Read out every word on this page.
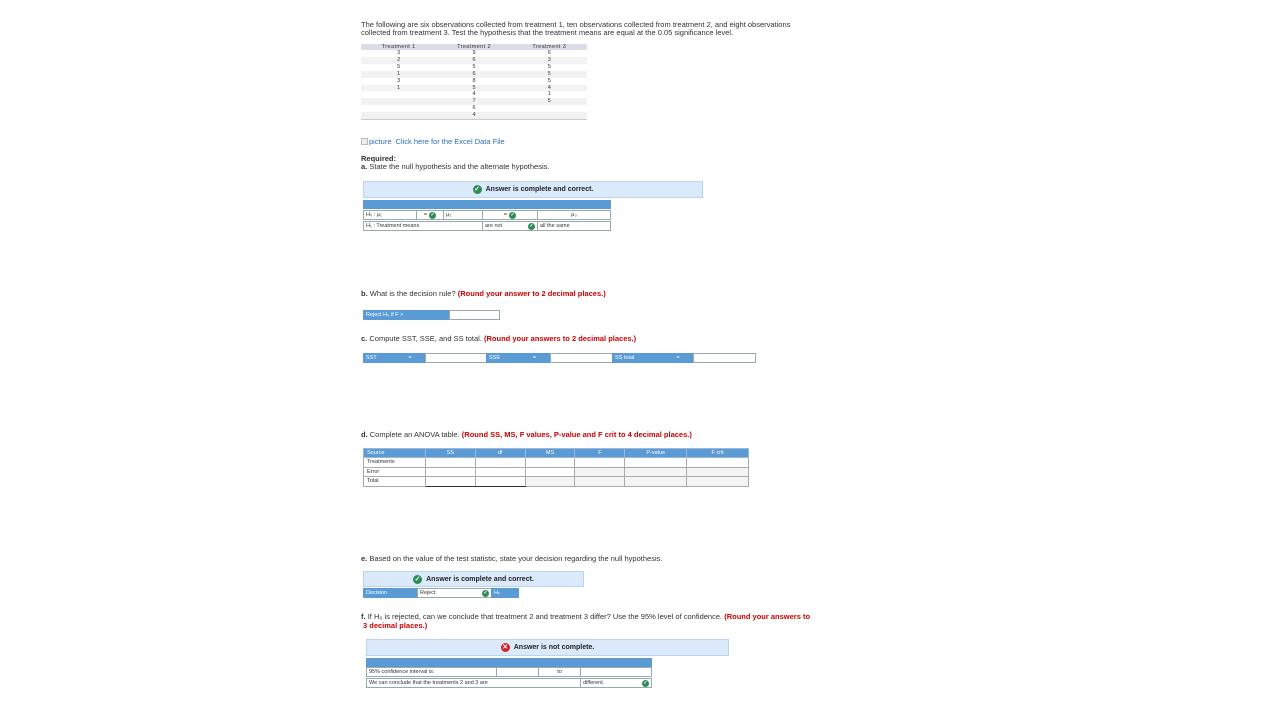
The following are six observations collected from treatment 1, ten observations collected from treatment 2, and eight observations
collected from treatment 3. Test the hypothesis that the treatment means are equal at the 0.05 significance level.
Treatment 1	Treatment 2	Treatment 3
3	9	6
2	6	3
5	5	5
1	6	5
3	8	5
1	5	4
	4	1
	7	5
	6	
	4	
picture Click here for the Excel Data File
Required:
a. State the null hypothesis and the alternate hypothesis.
✓ Answer is complete and correct.
H₀ : μ₁	= ✓	μ₂	= ✓	μ₃
H₁ : Treatment means	are not	✓	all the same
b. What is the decision rule? (Round your answer to 2 decimal places.)
Reject H₀ if F >
c. Compute SST, SSE, and SS total. (Round your answers to 2 decimal places.)
SST	=	SSE	=	SS total	=
d. Complete an ANOVA table. (Round SS, MS, F values, P-value and F crit to 4 decimal places.)
Source	SS	df	MS	F	P-value	F crit
Treatments						
Error						
Total						
e. Based on the value of the test statistic, state your decision regarding the null hypothesis.
✓ Answer is complete and correct.
Decision	Reject	✓	H₀
f. If H₀ is rejected, can we conclude that treatment 2 and treatment 3 differ? Use the 95% level of confidence. (Round your answers to
3 decimal places.)
✕ Answer is not complete.
95% confidence interval is:	to
We can conclude that the treatments 2 and 3 are	different.	✓
